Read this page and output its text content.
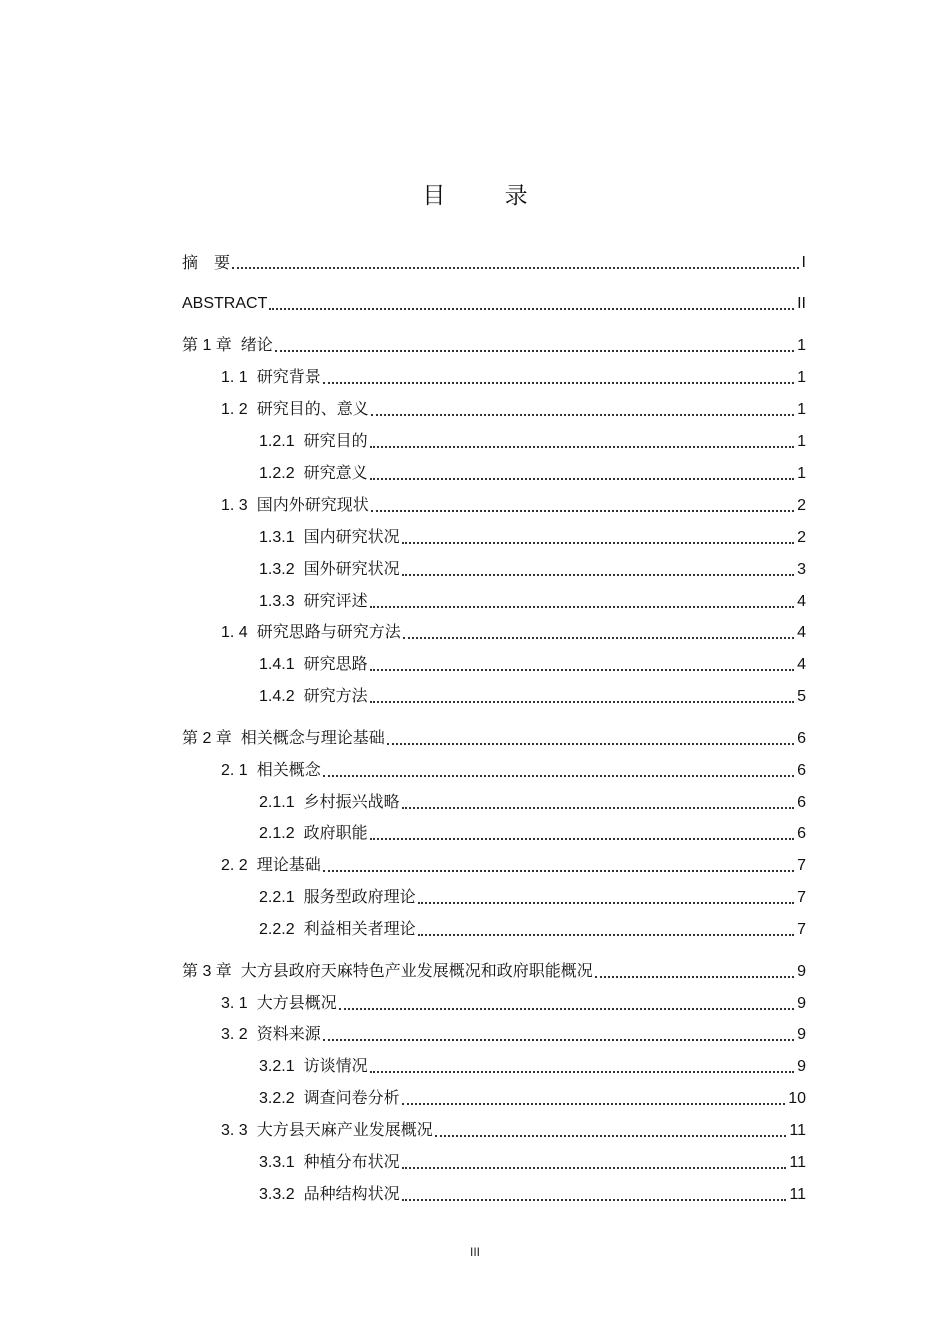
目 录
摘　要	I
ABSTRACT	II
第 1 章 绪论	1
1. 1 研究背景	1
1. 2 研究目的、意义	1
1.2.1 研究目的	1
1.2.2 研究意义	1
1. 3 国内外研究现状	2
1.3.1 国内研究状况	2
1.3.2 国外研究状况	3
1.3.3 研究评述	4
1. 4 研究思路与研究方法	4
1.4.1 研究思路	4
1.4.2 研究方法	5
第 2 章 相关概念与理论基础	6
2. 1 相关概念	6
2.1.1 乡村振兴战略	6
2.1.2 政府职能	6
2. 2 理论基础	7
2.2.1 服务型政府理论	7
2.2.2 利益相关者理论	7
第 3 章 大方县政府天麻特色产业发展概况和政府职能概况	9
3. 1 大方县概况	9
3. 2 资料来源	9
3.2.1 访谈情况	9
3.2.2 调查问卷分析	10
3. 3 大方县天麻产业发展概况	11
3.3.1 种植分布状况	11
3.3.2 品种结构状况	11
III
